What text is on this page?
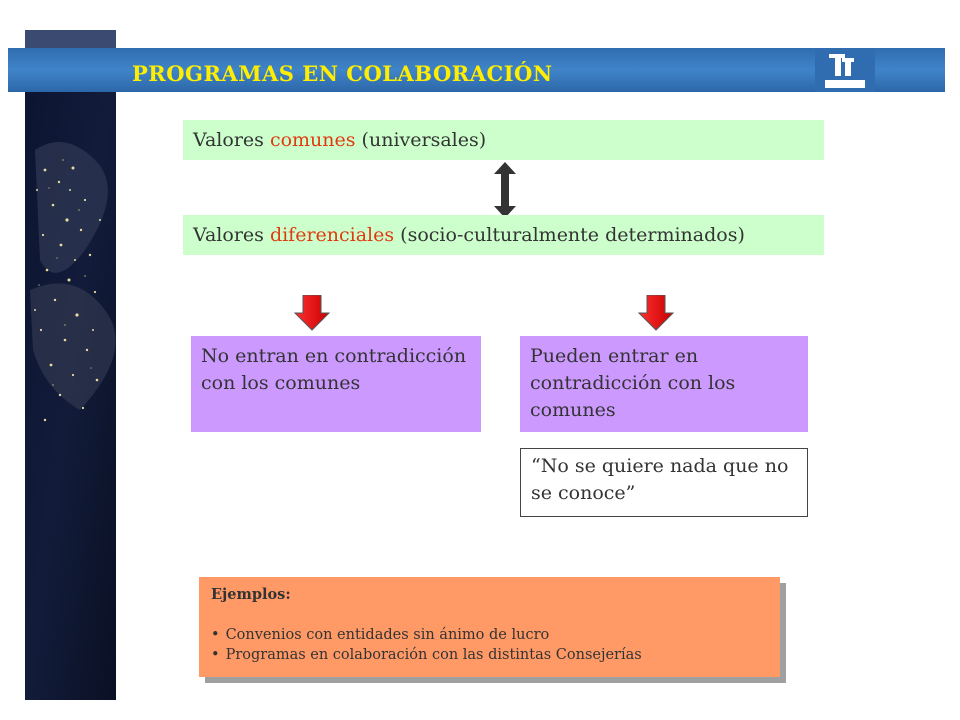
PROGRAMAS EN COLABORACIÓN
Valores comunes (universales)
Valores diferenciales (socio-culturalmente determinados)
No entran en contradicción con los comunes
Pueden entrar en contradicción con los comunes
“No se quiere nada que no se conoce”
Ejemplos:
• Convenios con entidades sin ánimo de lucro
• Programas en colaboración con las distintas Consejerías
